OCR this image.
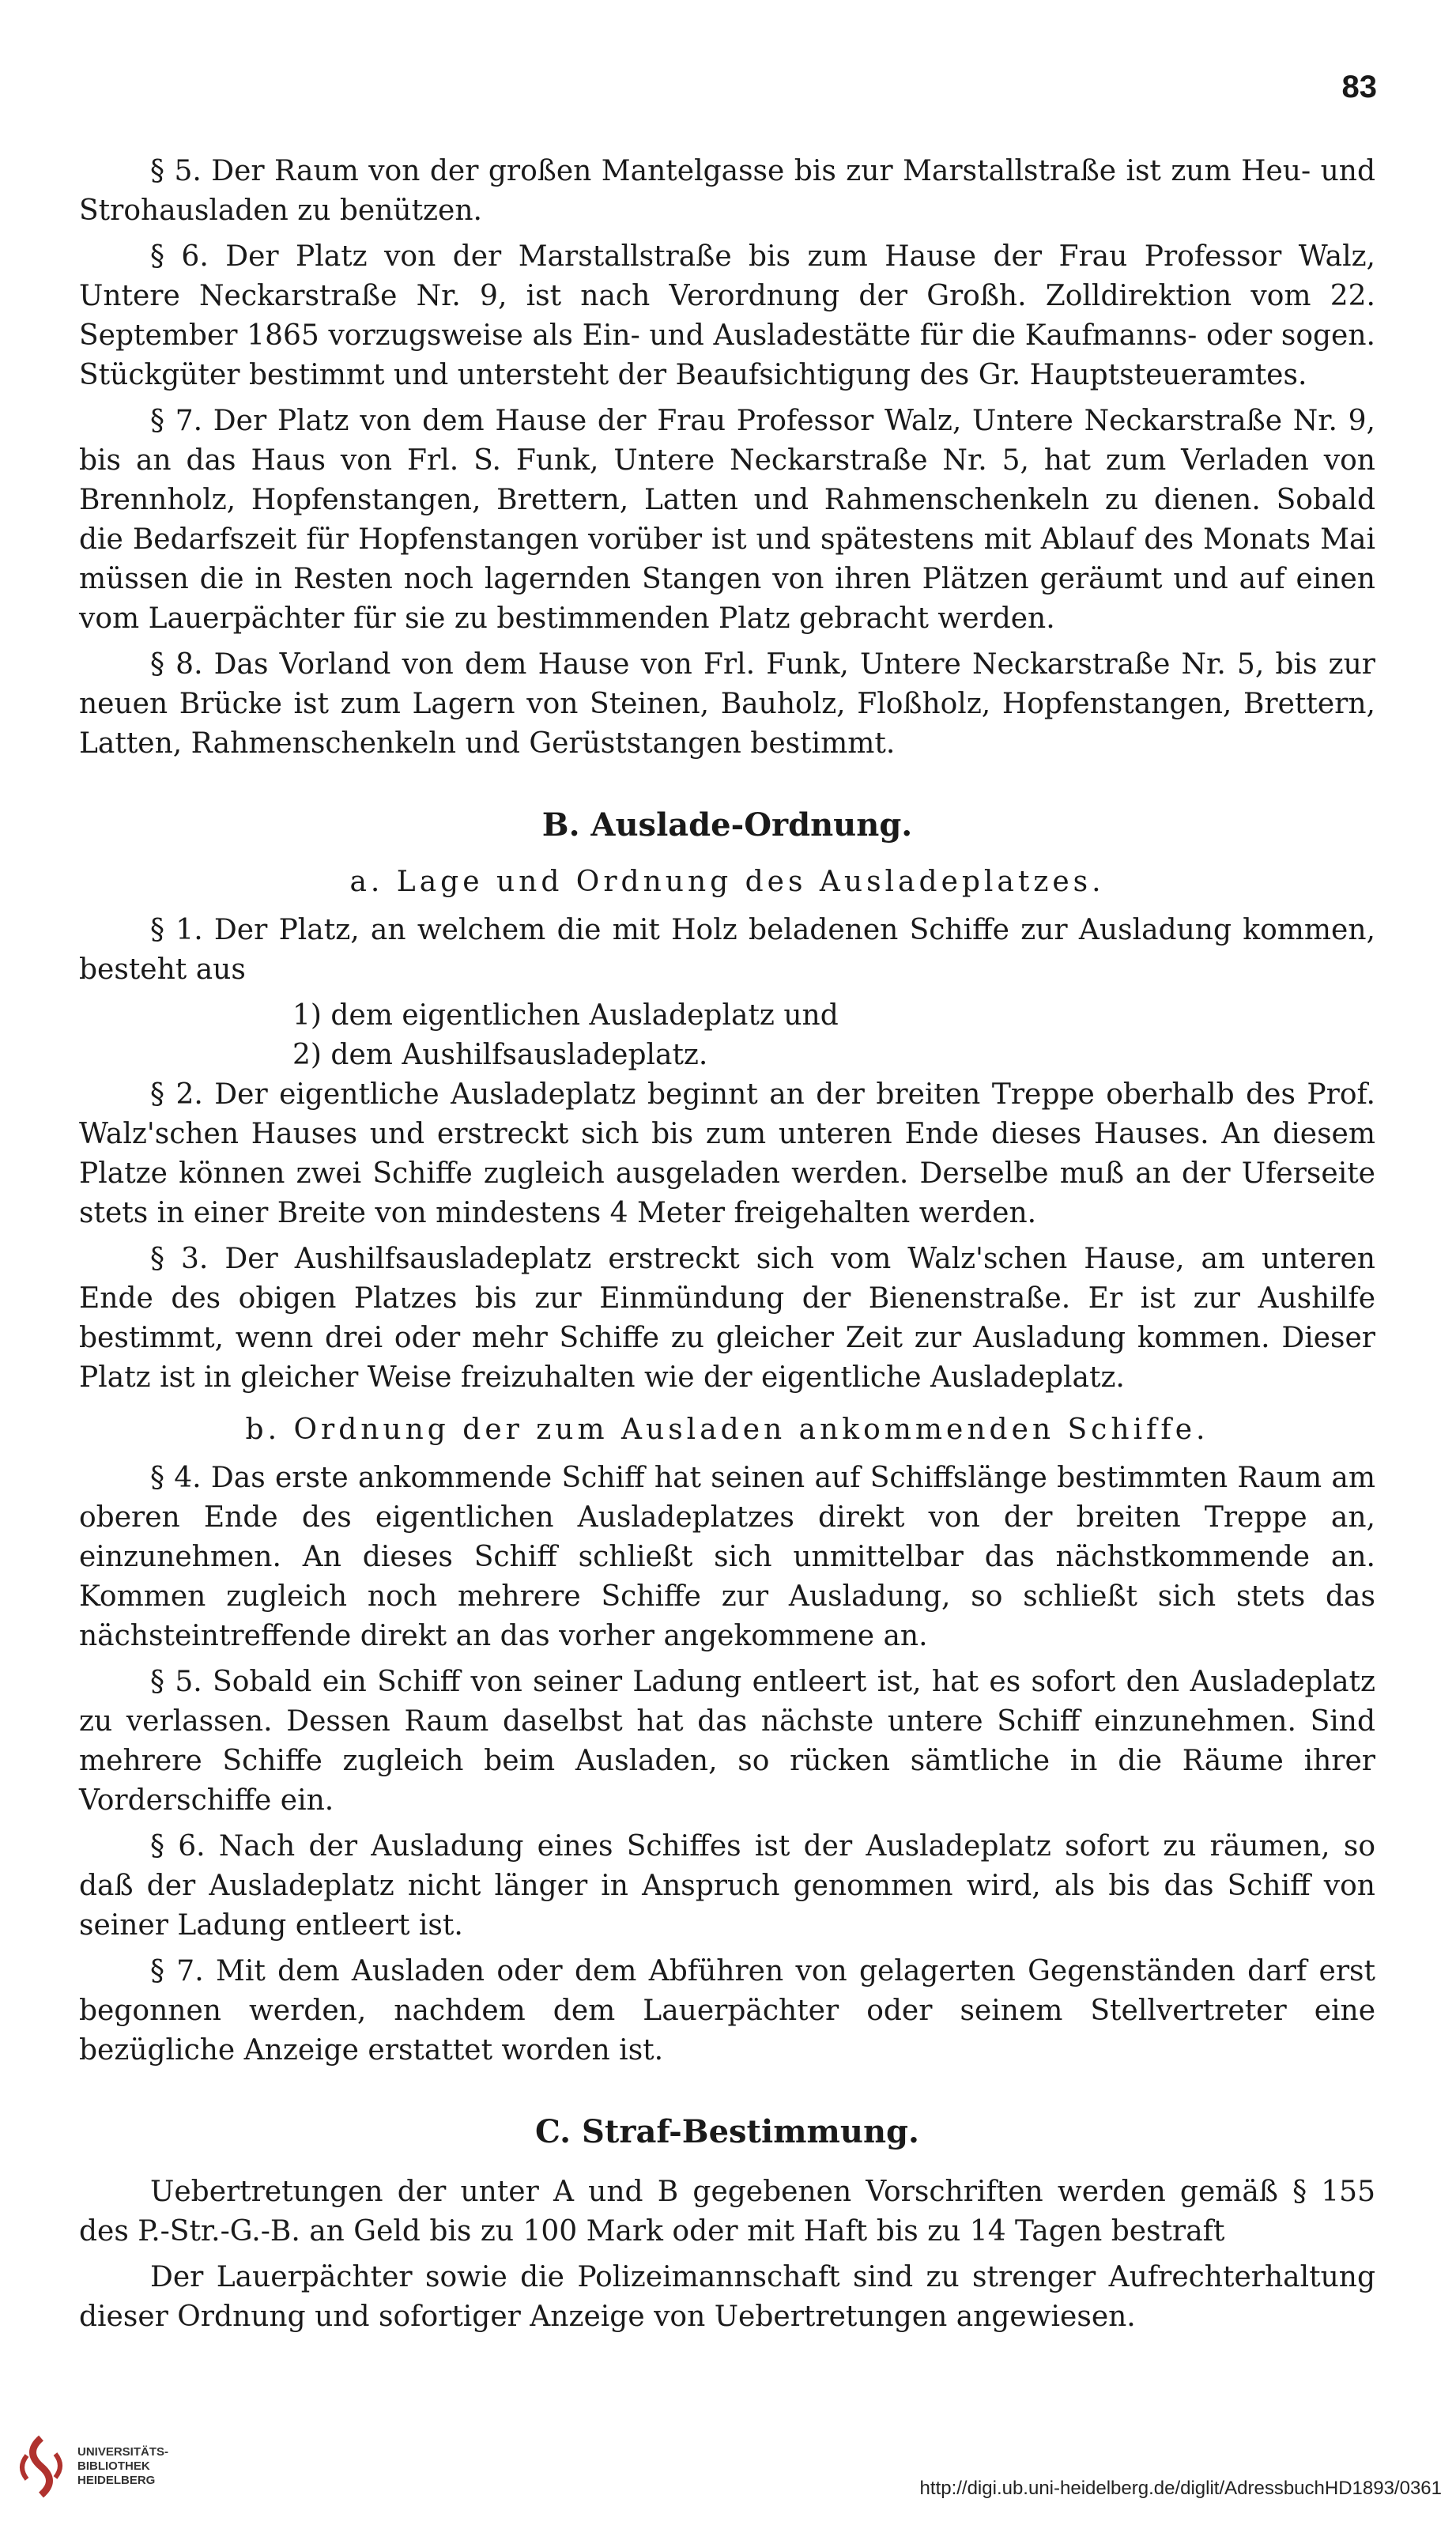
83

§ 5. Der Raum von der großen Mantelgasse bis zur Marstallstraße ist zum Heu- und Strohausladen zu benützen.

§ 6. Der Platz von der Marstallstraße bis zum Hause der Frau Professor Walz, Untere Neckarstraße Nr. 9, ist nach Verordnung der Großh. Zolldirektion vom 22. September 1865 vorzugsweise als Ein- und Ausladestätte für die Kaufmanns- oder sogen. Stückgüter bestimmt und untersteht der Beaufsichtigung des Gr. Hauptsteueramtes.

§ 7. Der Platz von dem Hause der Frau Professor Walz, Untere Neckarstraße Nr. 9, bis an das Haus von Frl. S. Funk, Untere Neckarstraße Nr. 5, hat zum Verladen von Brennholz, Hopfenstangen, Brettern, Latten und Rahmenschenkeln zu dienen. Sobald die Bedarfszeit für Hopfenstangen vorüber ist und spätestens mit Ablauf des Monats Mai müssen die in Resten noch lagernden Stangen von ihren Plätzen geräumt und auf einen vom Lauerpächter für sie zu bestimmenden Platz gebracht werden.

§ 8. Das Vorland von dem Hause von Frl. Funk, Untere Neckarstraße Nr. 5, bis zur neuen Brücke ist zum Lagern von Steinen, Bauholz, Floßholz, Hopfenstangen, Brettern, Latten, Rahmenschenkeln und Gerüststangen bestimmt.

B. Auslade-Ordnung.
a. Lage und Ordnung des Ausladeplatzes.

§ 1. Der Platz, an welchem die mit Holz beladenen Schiffe zur Ausladung kommen, besteht aus

1) dem eigentlichen Ausladeplatz und
2) dem Aushilfsausladeplatz.

§ 2. Der eigentliche Ausladeplatz beginnt an der breiten Treppe oberhalb des Prof. Walz'schen Hauses und erstreckt sich bis zum unteren Ende dieses Hauses. An diesem Platze können zwei Schiffe zugleich ausgeladen werden. Derselbe muß an der Uferseite stets in einer Breite von mindestens 4 Meter freigehalten werden.

§ 3. Der Aushilfsausladeplatz erstreckt sich vom Walz'schen Hause, am unteren Ende des obigen Platzes bis zur Einmündung der Bienenstraße. Er ist zur Aushilfe bestimmt, wenn drei oder mehr Schiffe zu gleicher Zeit zur Ausladung kommen. Dieser Platz ist in gleicher Weise freizuhalten wie der eigentliche Ausladeplatz.

b. Ordnung der zum Ausladen ankommenden Schiffe.

§ 4. Das erste ankommende Schiff hat seinen auf Schiffslänge bestimmten Raum am oberen Ende des eigentlichen Ausladeplatzes direkt von der breiten Treppe an, einzunehmen. An dieses Schiff schließt sich unmittelbar das nächstkommende an. Kommen zugleich noch mehrere Schiffe zur Ausladung, so schließt sich stets das nächsteintreffende direkt an das vorher angekommene an.

§ 5. Sobald ein Schiff von seiner Ladung entleert ist, hat es sofort den Ausladeplatz zu verlassen. Dessen Raum daselbst hat das nächste untere Schiff einzunehmen. Sind mehrere Schiffe zugleich beim Ausladen, so rücken sämtliche in die Räume ihrer Vorderschiffe ein.

§ 6. Nach der Ausladung eines Schiffes ist der Ausladeplatz sofort zu räumen, so daß der Ausladeplatz nicht länger in Anspruch genommen wird, als bis das Schiff von seiner Ladung entleert ist.

§ 7. Mit dem Ausladen oder dem Abführen von gelagerten Gegenständen darf erst begonnen werden, nachdem dem Lauerpächter oder seinem Stellvertreter eine bezügliche Anzeige erstattet worden ist.

C. Straf-Bestimmung.

Uebertretungen der unter A und B gegebenen Vorschriften werden gemäß § 155 des P.-Str.-G.-B. an Geld bis zu 100 Mark oder mit Haft bis zu 14 Tagen bestraft

Der Lauerpächter sowie die Polizeimannschaft sind zu strenger Aufrechterhaltung dieser Ordnung und sofortiger Anzeige von Uebertretungen angewiesen.

UNIVERSITÄTS-
BIBLIOTHEK
HEIDELBERG	http://digi.ub.uni-heidelberg.de/diglit/AdressbuchHD1893/0361
